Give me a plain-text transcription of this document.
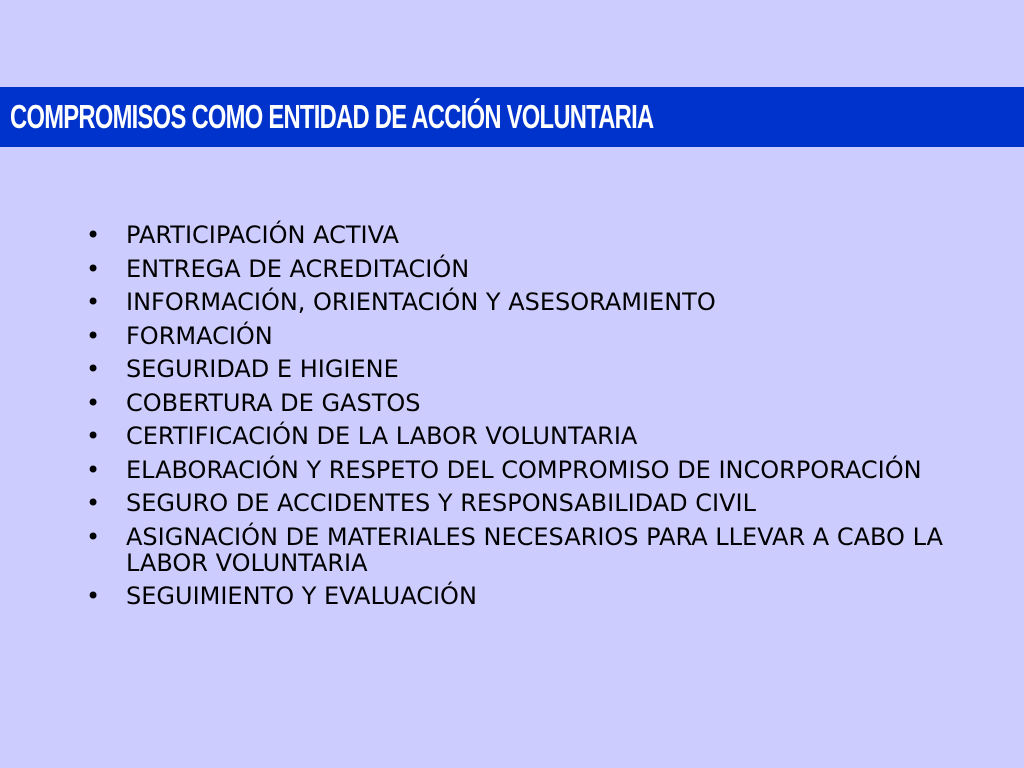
COMPROMISOS COMO ENTIDAD DE ACCIÓN VOLUNTARIA
• PARTICIPACIÓN ACTIVA
• ENTREGA DE ACREDITACIÓN
• INFORMACIÓN, ORIENTACIÓN Y ASESORAMIENTO
• FORMACIÓN
• SEGURIDAD E HIGIENE
• COBERTURA DE GASTOS
• CERTIFICACIÓN DE LA LABOR VOLUNTARIA
• ELABORACIÓN Y RESPETO DEL COMPROMISO DE INCORPORACIÓN
• SEGURO DE ACCIDENTES Y RESPONSABILIDAD CIVIL
• ASIGNACIÓN DE MATERIALES NECESARIOS PARA LLEVAR A CABO LA LABOR VOLUNTARIA
• SEGUIMIENTO Y EVALUACIÓN
